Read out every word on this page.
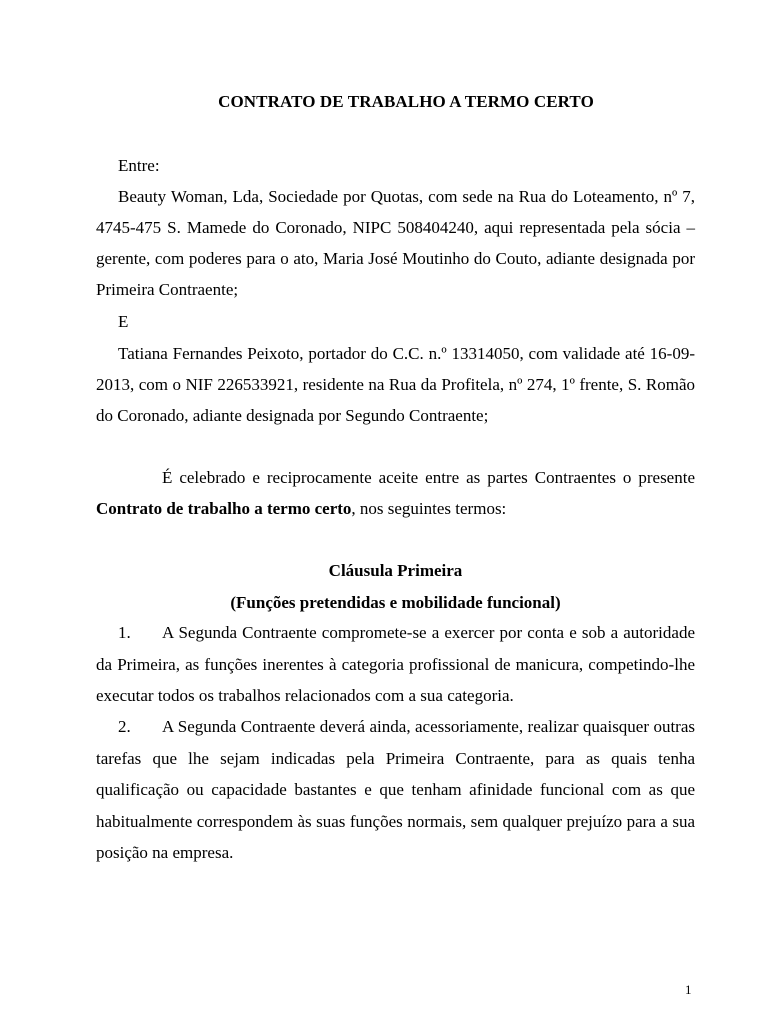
CONTRATO DE TRABALHO A TERMO CERTO
Entre:
Beauty Woman, Lda, Sociedade por Quotas, com sede na Rua do Loteamento, nº 7, 4745-475 S. Mamede do Coronado, NIPC 508404240, aqui representada pela sócia – gerente, com poderes para o ato, Maria José Moutinho do Couto, adiante designada por Primeira Contraente;
E
Tatiana Fernandes Peixoto, portador do C.C. n.º 13314050, com validade até 16-09-2013, com o NIF 226533921, residente na Rua da Profitela, nº 274, 1º frente, S. Romão do Coronado, adiante designada por Segundo Contraente;
É celebrado e reciprocamente aceite entre as partes Contraentes o presente Contrato de trabalho a termo certo, nos seguintes termos:
Cláusula Primeira
(Funções pretendidas e mobilidade funcional)
1. A Segunda Contraente compromete-se a exercer por conta e sob a autoridade da Primeira, as funções inerentes à categoria profissional de manicura, competindo-lhe executar todos os trabalhos relacionados com a sua categoria.
2. A Segunda Contraente deverá ainda, acessoriamente, realizar quaisquer outras tarefas que lhe sejam indicadas pela Primeira Contraente, para as quais tenha qualificação ou capacidade bastantes e que tenham afinidade funcional com as que habitualmente correspondem às suas funções normais, sem qualquer prejuízo para a sua posição na empresa.
1
